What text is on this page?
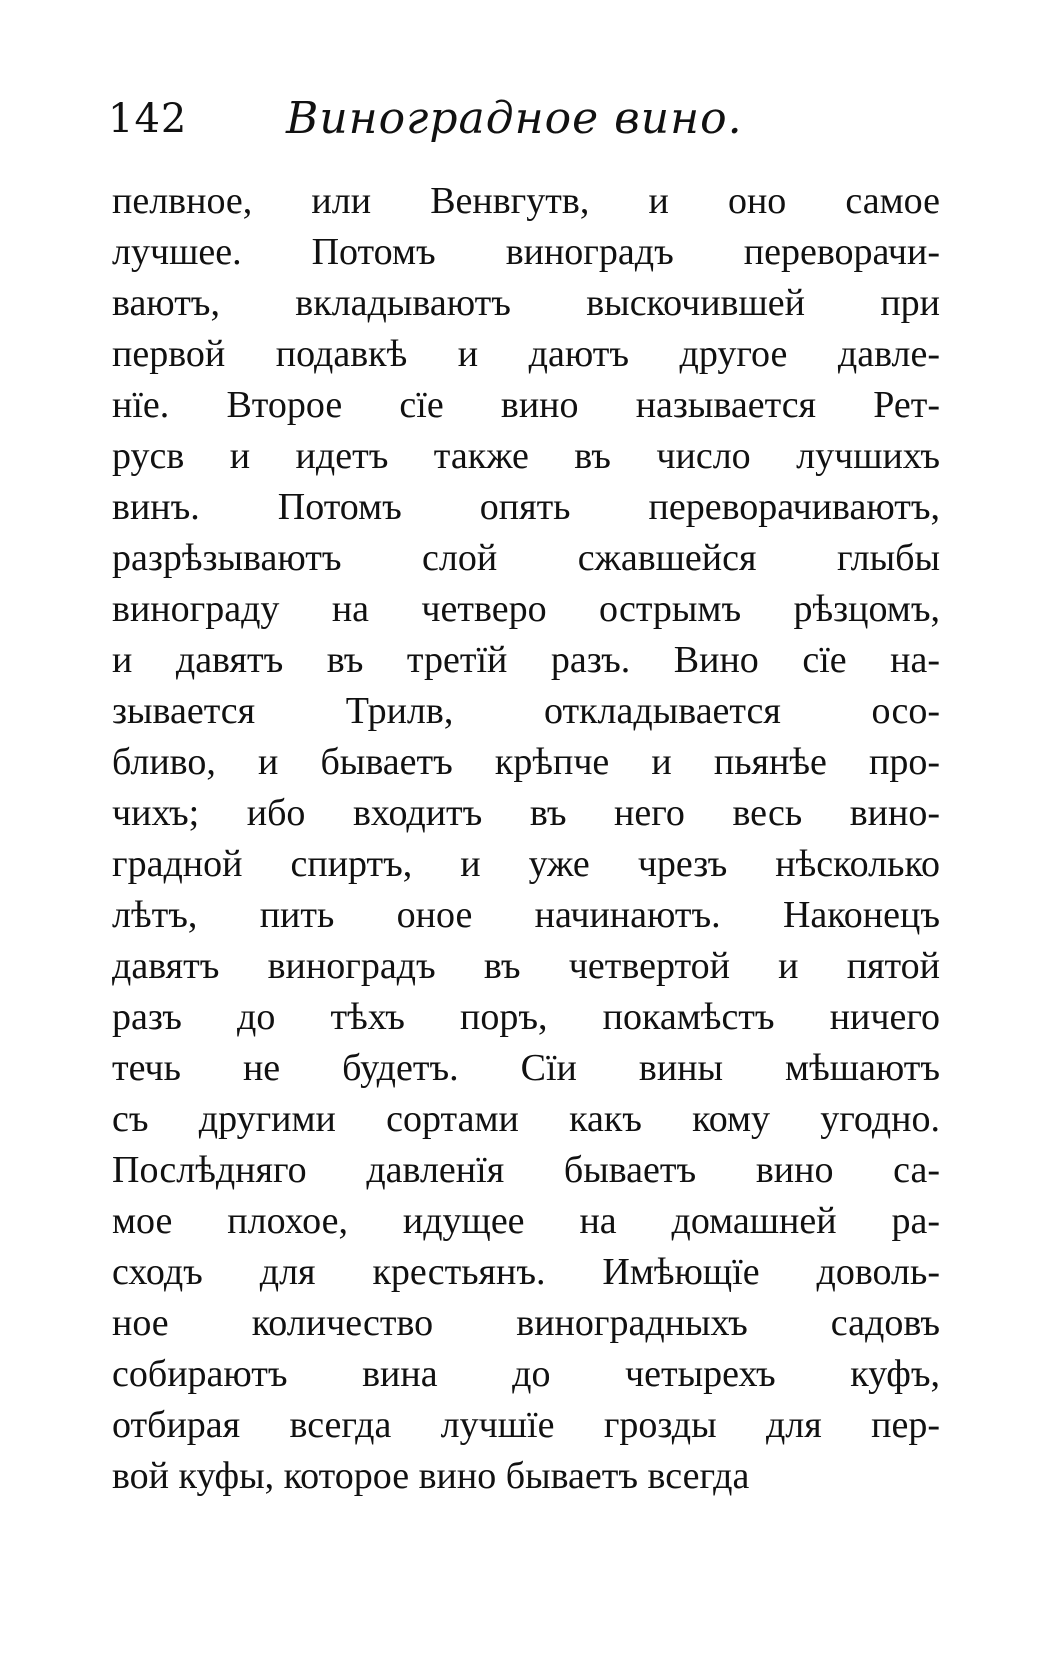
142 Виноградное вино.
пелвное, или Венвгутв, и оно самое
лучшее. Потомъ виноградъ переворачи-
ваютъ, вкладываютъ выскочившей при
первой подавкѣ и даютъ другое давле-
нїе. Второе сїе вино называется Рет-
русв и идетъ также въ число лучшихъ
винъ. Потомъ опять переворачиваютъ,
разрѣзываютъ слой сжавшейся глыбы
винограду на четверо острымъ рѣзцомъ,
и давятъ въ третїй разъ. Вино сїе на-
зывается Трилв, откладывается осо-
бливо, и бываетъ крѣпче и пьянѣе про-
чихъ; ибо входитъ въ него весь вино-
градной спиртъ, и уже чрезъ нѣсколько
лѣтъ, пить оное начинаютъ. Наконецъ
давятъ виноградъ въ четвертой и пятой
разъ до тѣхъ поръ, покамѣстъ ничего
течь не будетъ. Сїи вины мѣшаютъ
съ другими сортами какъ кому угодно.
Послѣдняго давленїя бываетъ вино са-
мое плохое, идущее на домашней ра-
сходъ для крестьянъ. Имѣющїе доволь-
ное количество виноградныхъ садовъ
собираютъ вина до четырехъ куфъ,
отбирая всегда лучшїе грозды для пер-
вой куфы, которое вино бываетъ всегда
